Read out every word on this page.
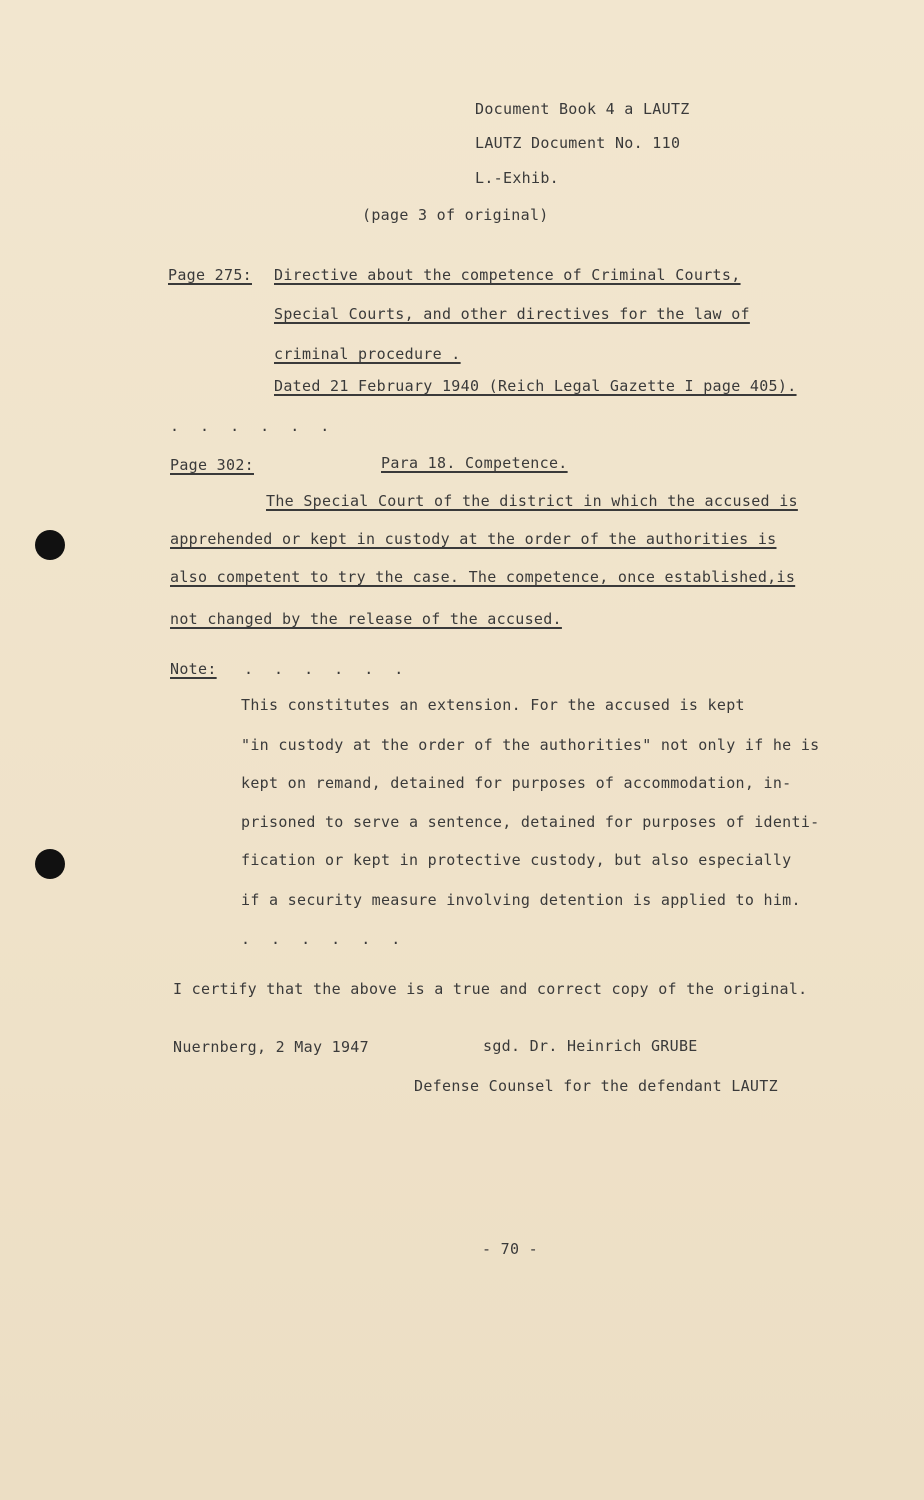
Document Book 4 a LAUTZ
LAUTZ Document No. 110
L.-Exhib.
(page 3 of original)
Page 275: Directive about the competence of Criminal Courts,
Special Courts, and other directives for the law of
criminal procedure .
Dated 21 February 1940 (Reich Legal Gazette I page 405).
. . . . . .
Page 302:	Para 18. Competence.
The Special Court of the district in which the accused is
apprehended or kept in custody at the order of the authorities is
also competent to try the case. The competence, once established,is
not changed by the release of the accused.
Note: . . . . . .
This constitutes an extension. For the accused is kept
"in custody at the order of the authorities" not only if he is
kept on remand, detained for purposes of accommodation, in-
prisoned to serve a sentence, detained for purposes of identi-
fication or kept in protective custody, but also especially
if a security measure involving detention is applied to him.
. . . . . .
I certify that the above is a true and correct copy of the original.
Nuernberg, 2 May 1947	sgd. Dr. Heinrich GRUBE
Defense Counsel for the defendant LAUTZ
- 70 -
